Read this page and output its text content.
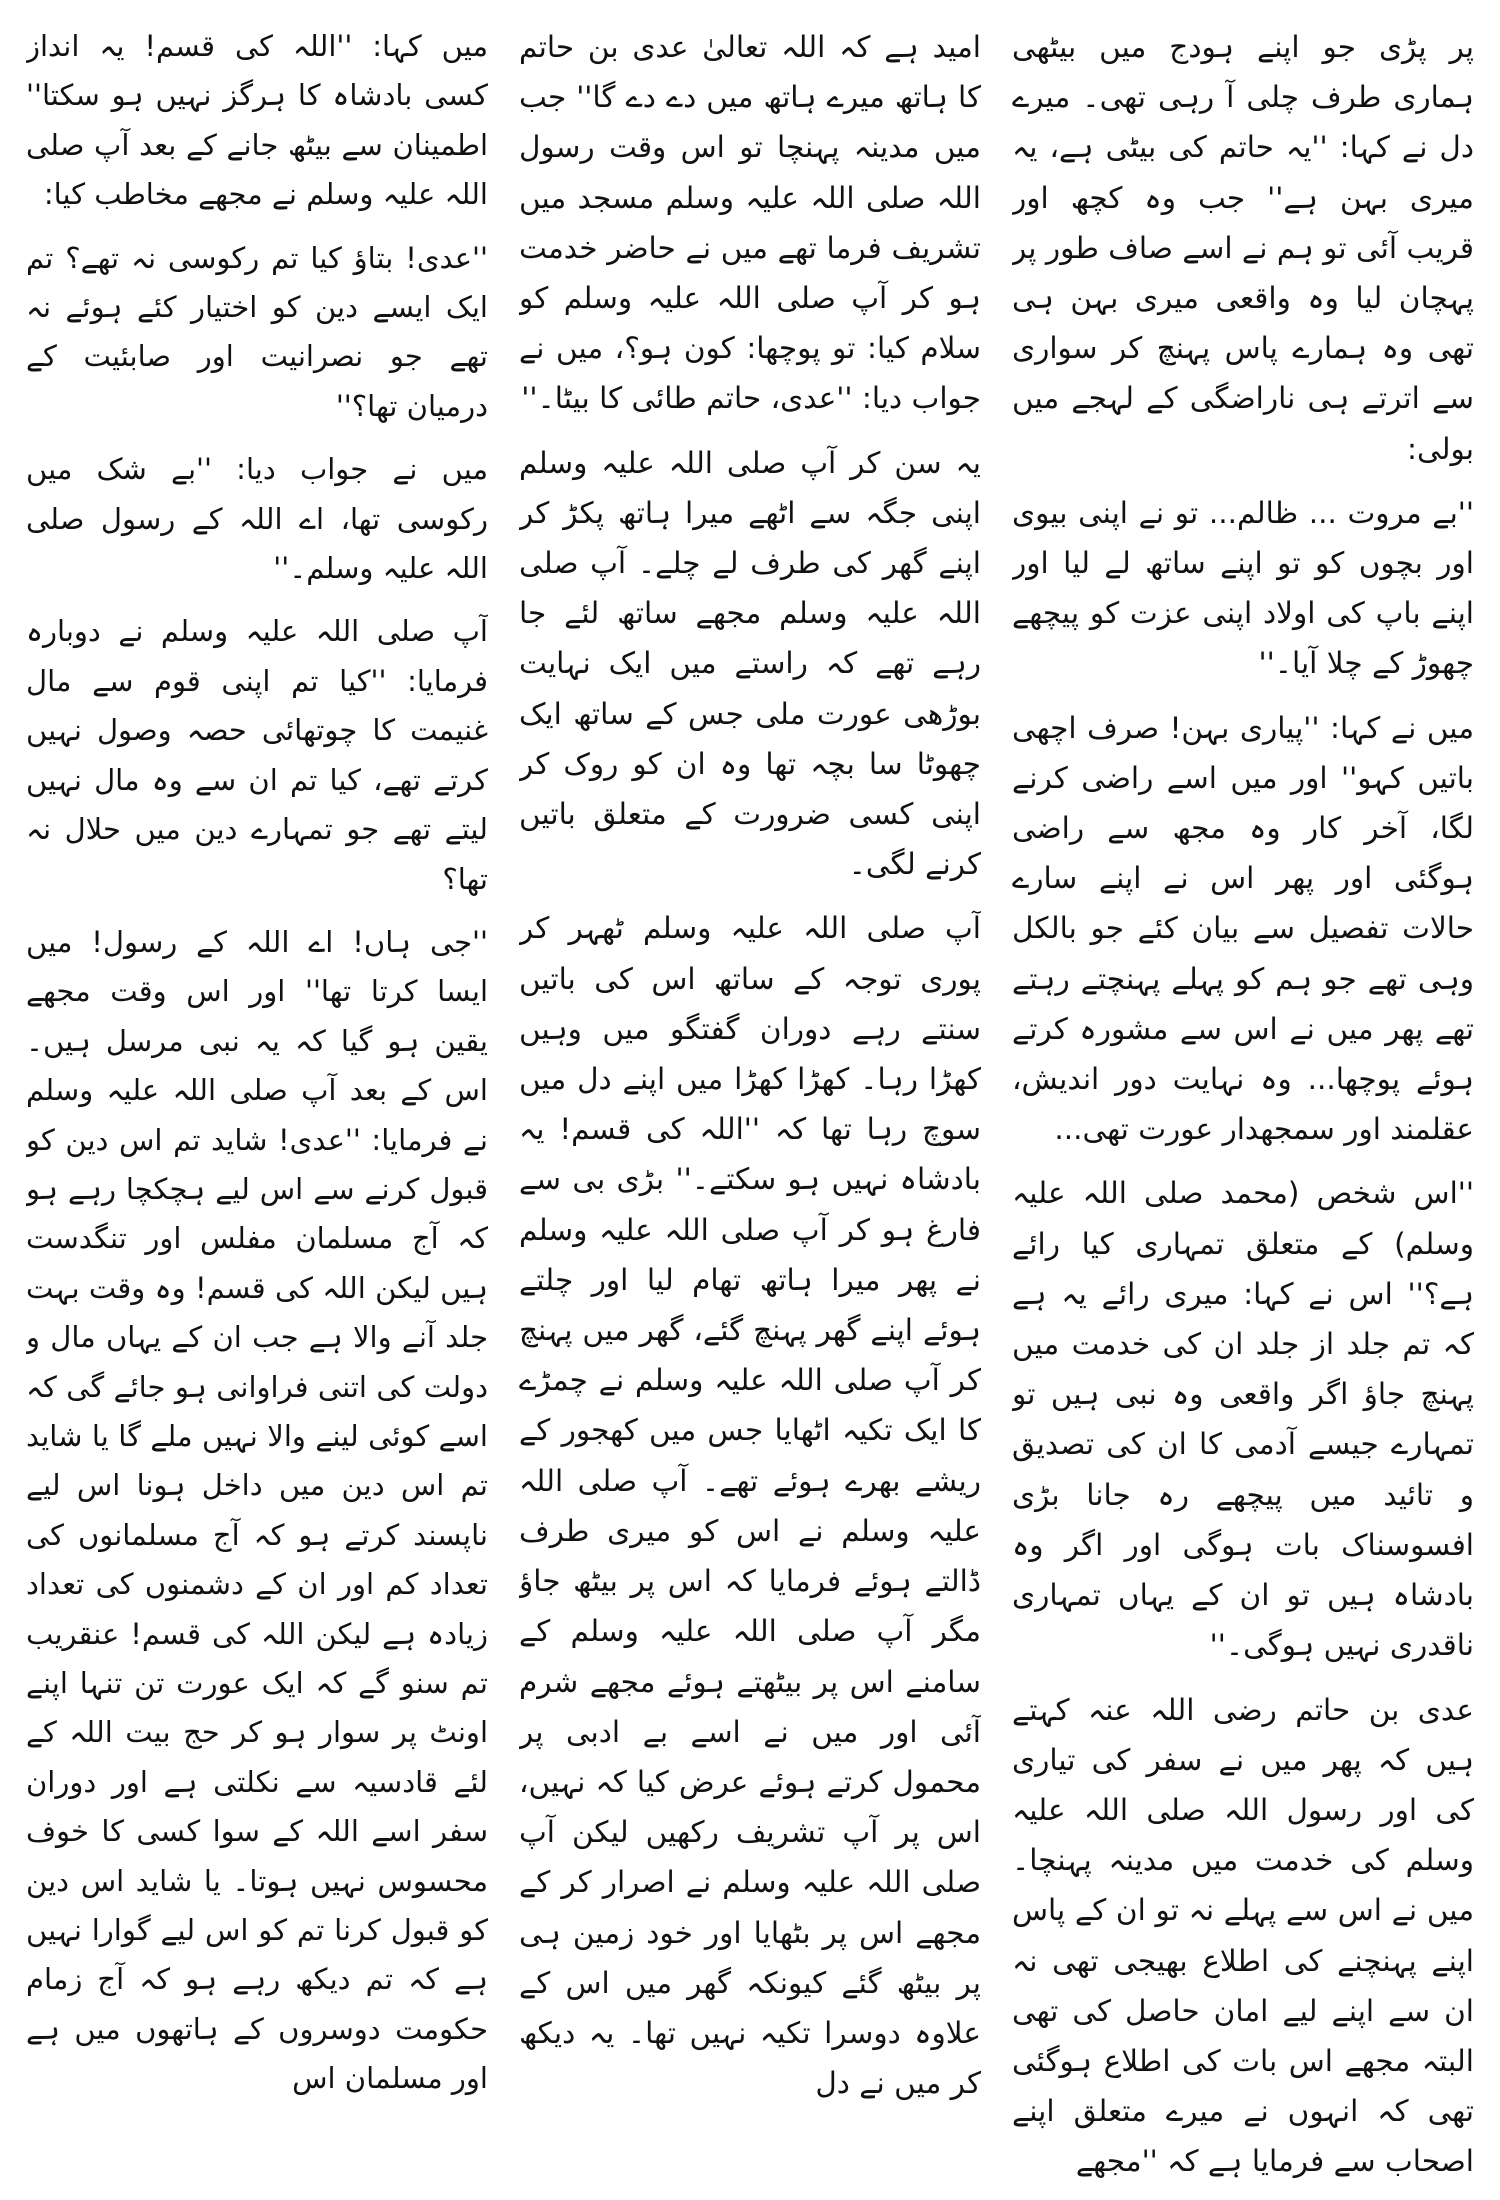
پر پڑی جو اپنے ہودج میں بیٹھی ہماری طرف چلی آ رہی تھی۔ میرے دل نے کہا: ''یہ حاتم کی بیٹی ہے، یہ میری بہن ہے'' جب وہ کچھ اور قریب آئی تو ہم نے اسے صاف طور پر پہچان لیا وہ واقعی میری بہن ہی تھی وہ ہمارے پاس پہنچ کر سواری سے اترتے ہی ناراضگی کے لہجے میں بولی:

''بے مروت ... ظالم... تو نے اپنی بیوی اور بچوں کو تو اپنے ساتھ لے لیا اور اپنے باپ کی اولاد اپنی عزت کو پیچھے چھوڑ کے چلا آیا۔''

میں نے کہا: ''پیاری بہن! صرف اچھی باتیں کہو'' اور میں اسے راضی کرنے لگا، آخر کار وہ مجھ سے راضی ہوگئی اور پھر اس نے اپنے سارے حالات تفصیل سے بیان کئے جو بالکل وہی تھے جو ہم کو پہلے پہنچتے رہتے تھے پھر میں نے اس سے مشورہ کرتے ہوئے پوچھا... وہ نہایت دور اندیش، عقلمند اور سمجھدار عورت تھی...

''اس شخص (محمد صلی اللہ علیہ وسلم) کے متعلق تمہاری کیا رائے ہے؟'' اس نے کہا: میری رائے یہ ہے کہ تم جلد از جلد ان کی خدمت میں پہنچ جاؤ اگر واقعی وہ نبی ہیں تو تمہارے جیسے آدمی کا ان کی تصدیق و تائید میں پیچھے رہ جانا بڑی افسوسناک بات ہوگی اور اگر وہ بادشاہ ہیں تو ان کے یہاں تمہاری ناقدری نہیں ہوگی۔''

عدی بن حاتم رضی اللہ عنہ کہتے ہیں کہ پھر میں نے سفر کی تیاری کی اور رسول اللہ صلی اللہ علیہ وسلم کی خدمت میں مدینہ پہنچا۔ میں نے اس سے پہلے نہ تو ان کے پاس اپنے پہنچنے کی اطلاع بھیجی تھی نہ ان سے اپنے لیے امان حاصل کی تھی البتہ مجھے اس بات کی اطلاع ہوگئی تھی کہ انہوں نے میرے متعلق اپنے اصحاب سے فرمایا ہے کہ ''مجھے

امید ہے کہ اللہ تعالیٰ عدی بن حاتم کا ہاتھ میرے ہاتھ میں دے دے گا'' جب میں مدینہ پہنچا تو اس وقت رسول اللہ صلی اللہ علیہ وسلم مسجد میں تشریف فرما تھے میں نے حاضر خدمت ہو کر آپ صلی اللہ علیہ وسلم کو سلام کیا: تو پوچھا: کون ہو؟، میں نے جواب دیا: ''عدی، حاتم طائی کا بیٹا۔''

یہ سن کر آپ صلی اللہ علیہ وسلم اپنی جگہ سے اٹھے میرا ہاتھ پکڑ کر اپنے گھر کی طرف لے چلے۔ آپ صلی اللہ علیہ وسلم مجھے ساتھ لئے جا رہے تھے کہ راستے میں ایک نہایت بوڑھی عورت ملی جس کے ساتھ ایک چھوٹا سا بچہ تھا وہ ان کو روک کر اپنی کسی ضرورت کے متعلق باتیں کرنے لگی۔

آپ صلی اللہ علیہ وسلم ٹھہر کر پوری توجہ کے ساتھ اس کی باتیں سنتے رہے دوران گفتگو میں وہیں کھڑا رہا۔ کھڑا کھڑا میں اپنے دل میں سوچ رہا تھا کہ ''اللہ کی قسم! یہ بادشاہ نہیں ہو سکتے۔'' بڑی بی سے فارغ ہو کر آپ صلی اللہ علیہ وسلم نے پھر میرا ہاتھ تھام لیا اور چلتے ہوئے اپنے گھر پہنچ گئے، گھر میں پہنچ کر آپ صلی اللہ علیہ وسلم نے چمڑے کا ایک تکیہ اٹھایا جس میں کھجور کے ریشے بھرے ہوئے تھے۔ آپ صلی اللہ علیہ وسلم نے اس کو میری طرف ڈالتے ہوئے فرمایا کہ اس پر بیٹھ جاؤ مگر آپ صلی اللہ علیہ وسلم کے سامنے اس پر بیٹھتے ہوئے مجھے شرم آئی اور میں نے اسے بے ادبی پر محمول کرتے ہوئے عرض کیا کہ نہیں، اس پر آپ تشریف رکھیں لیکن آپ صلی اللہ علیہ وسلم نے اصرار کر کے مجھے اس پر بٹھایا اور خود زمین ہی پر بیٹھ گئے کیونکہ گھر میں اس کے علاوہ دوسرا تکیہ نہیں تھا۔ یہ دیکھ کر میں نے دل

میں کہا: ''اللہ کی قسم! یہ انداز کسی بادشاہ کا ہرگز نہیں ہو سکتا'' اطمینان سے بیٹھ جانے کے بعد آپ صلی اللہ علیہ وسلم نے مجھے مخاطب کیا:

''عدی! بتاؤ کیا تم رکوسی نہ تھے؟ تم ایک ایسے دین کو اختیار کئے ہوئے نہ تھے جو نصرانیت اور صابئیت کے درمیان تھا؟''

میں نے جواب دیا: ''بے شک میں رکوسی تھا، اے اللہ کے رسول صلی اللہ علیہ وسلم۔''

آپ صلی اللہ علیہ وسلم نے دوبارہ فرمایا: ''کیا تم اپنی قوم سے مال غنیمت کا چوتھائی حصہ وصول نہیں کرتے تھے، کیا تم ان سے وہ مال نہیں لیتے تھے جو تمہارے دین میں حلال نہ تھا؟

''جی ہاں! اے اللہ کے رسول! میں ایسا کرتا تھا'' اور اس وقت مجھے یقین ہو گیا کہ یہ نبی مرسل ہیں۔ اس کے بعد آپ صلی اللہ علیہ وسلم نے فرمایا: ''عدی! شاید تم اس دین کو قبول کرنے سے اس لیے ہچکچا رہے ہو کہ آج مسلمان مفلس اور تنگدست ہیں لیکن اللہ کی قسم! وہ وقت بہت جلد آنے والا ہے جب ان کے یہاں مال و دولت کی اتنی فراوانی ہو جائے گی کہ اسے کوئی لینے والا نہیں ملے گا یا شاید تم اس دین میں داخل ہونا اس لیے ناپسند کرتے ہو کہ آج مسلمانوں کی تعداد کم اور ان کے دشمنوں کی تعداد زیادہ ہے لیکن اللہ کی قسم! عنقریب تم سنو گے کہ ایک عورت تن تنہا اپنے اونٹ پر سوار ہو کر حج بیت اللہ کے لئے قادسیہ سے نکلتی ہے اور دوران سفر اسے اللہ کے سوا کسی کا خوف محسوس نہیں ہوتا۔ یا شاید اس دین کو قبول کرنا تم کو اس لیے گوارا نہیں ہے کہ تم دیکھ رہے ہو کہ آج زمام حکومت دوسروں کے ہاتھوں میں ہے اور مسلمان اس
